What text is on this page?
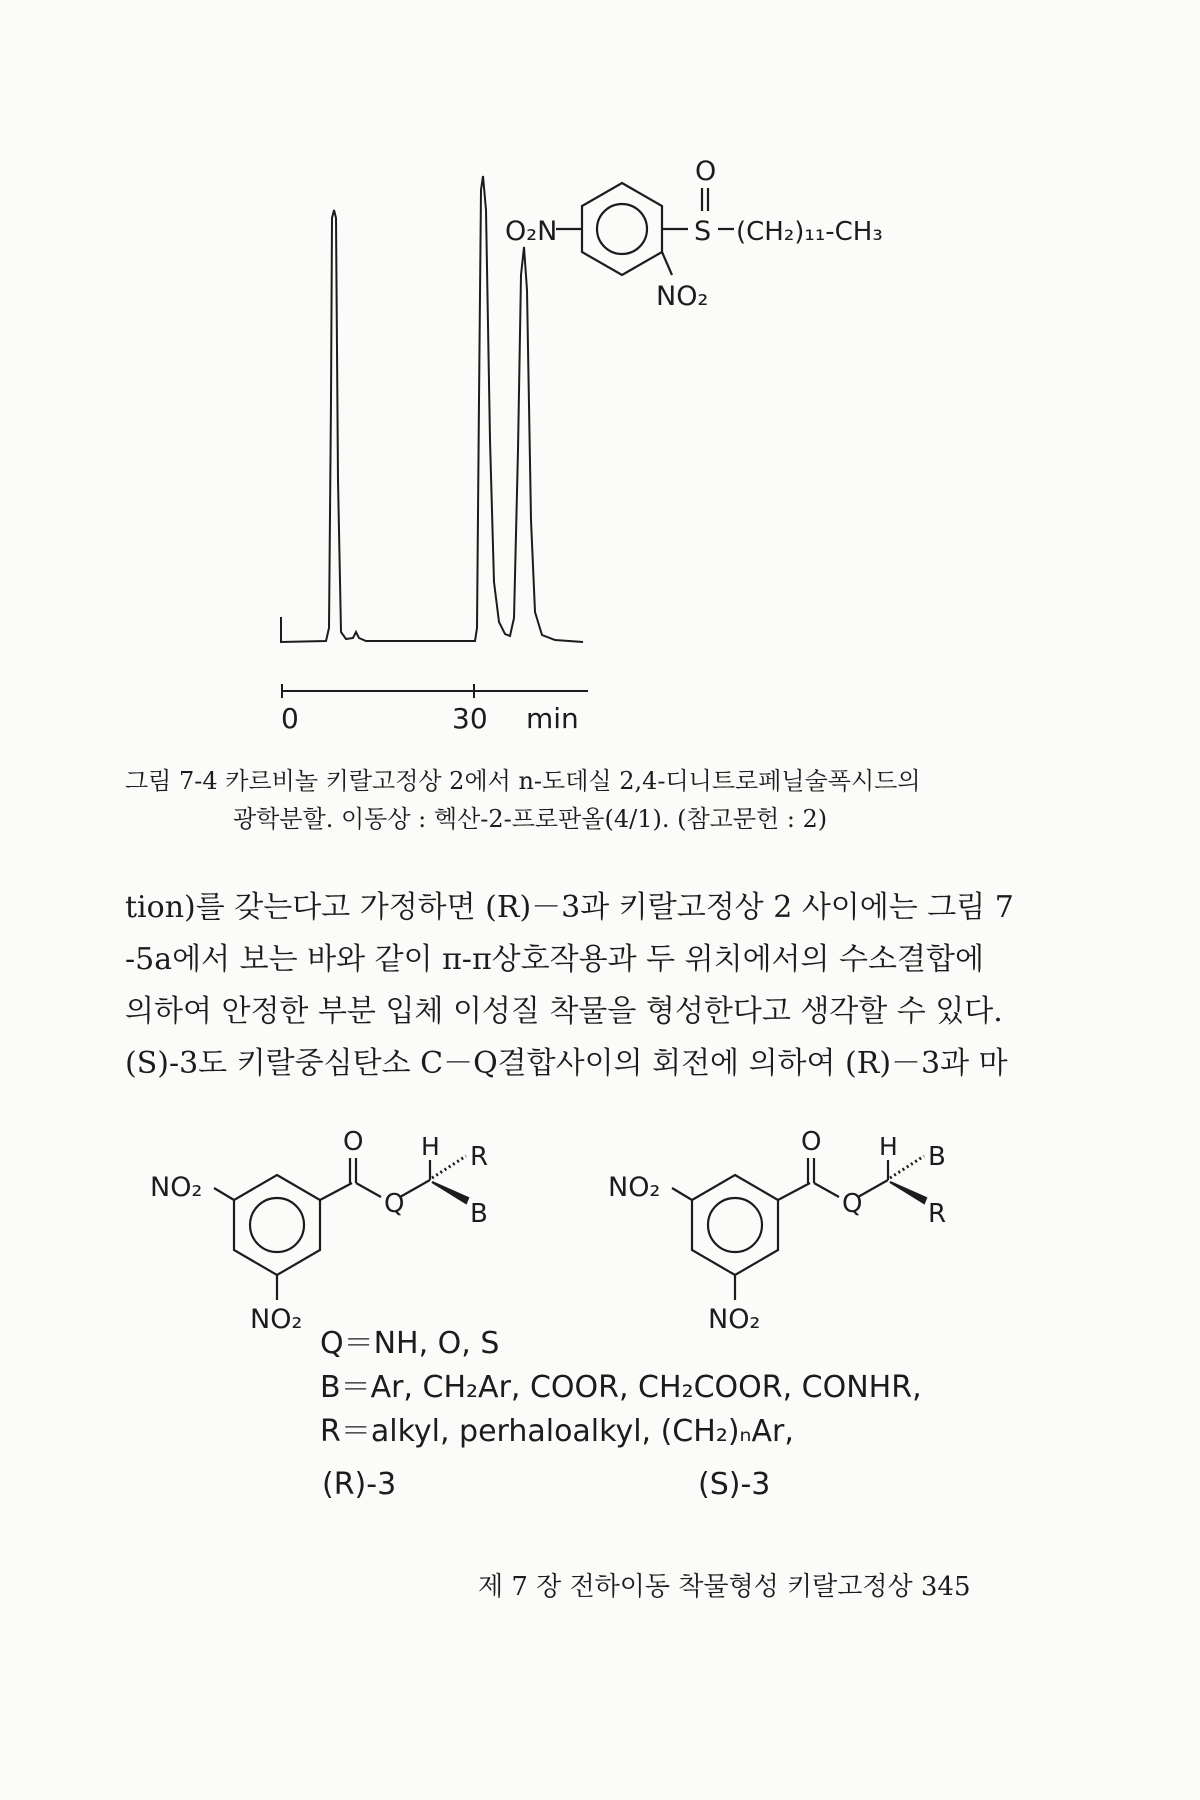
0	30 min
O₂N	S
O
(CH₂)₁₁-CH₃
NO₂
그림 7-4 카르비놀 키랄고정상 2에서 n-도데실 2,4-디니트로페닐술폭시드의
광학분할. 이동상 : 헥산-2-프로판올(4/1). (참고문헌 : 2)

tion)를 갖는다고 가정하면 (R)－3과 키랄고정상 2 사이에는 그림 7

-5a에서 보는 바와 같이 π-π상호작용과 두 위치에서의 수소결합에

의하여 안정한 부분 입체 이성질 착물을 형성한다고 생각할 수 있다.

(S)-3도 키랄중심탄소 C－Q결합사이의 회전에 의하여 (R)－3과 마

O H
Q
R
B
NO₂
NO₂
O H
Q
B
R
NO₂
NO₂
Q＝NH, O, S
B＝Ar, CH₂Ar, COOR, CH₂COOR, CONHR,
R＝alkyl, perhaloalkyl, (CH₂)ₙAr,
(R)-3	(S)-3
제 7 장 전하이동 착물형성 키랄고정상 345
